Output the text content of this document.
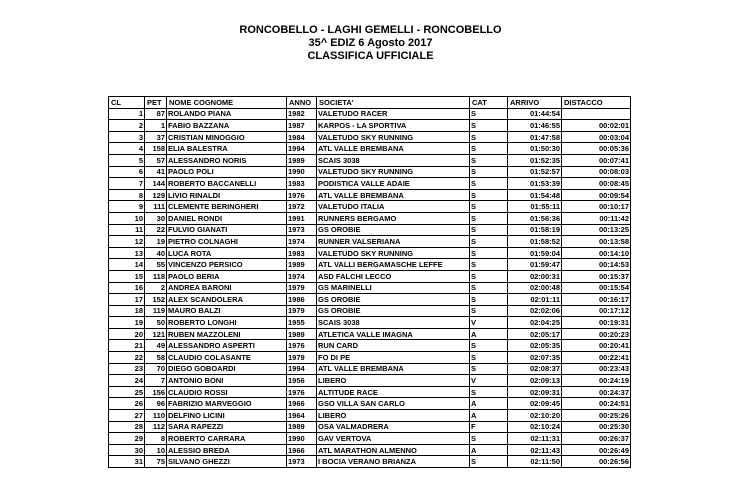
RONCOBELLO - LAGHI GEMELLI - RONCOBELLO
35^ EDIZ 6 Agosto 2017
CLASSIFICA UFFICIALE
CL	PET	NOME COGNOME	ANNO	SOCIETA'	CAT	ARRIVO	DISTACCO
1	87	ROLANDO PIANA	1982	VALETUDO RACER	S	01:44:54	
2	1	FABIO BAZZANA	1987	KARPOS - LA SPORTIVA	S	01:46:55	00:02:01
3	37	CRISTIAN MINOGGIO	1984	VALETUDO SKY RUNNING	S	01:47:58	00:03:04
4	158	ELIA BALESTRA	1994	ATL VALLE BREMBANA	S	01:50:30	00:05:36
5	57	ALESSANDRO NORIS	1989	SCAIS 3038	S	01:52:35	00:07:41
6	41	PAOLO POLI	1990	VALETUDO SKY RUNNING	S	01:52:57	00:08:03
7	144	ROBERTO BACCANELLI	1983	PODISTICA VALLE ADAIE	S	01:53:39	00:08:45
8	129	LIVIO RINALDI	1976	ATL VALLE BREMBANA	S	01:54:48	00:09:54
9	111	CLEMENTE BERINGHERI	1972	VALETUDO ITALIA	S	01:55:11	00:10:17
10	30	DANIEL RONDI	1991	RUNNERS BERGAMO	S	01:56:36	00:11:42
11	22	FULVIO GIANATI	1973	GS OROBIE	S	01:58:19	00:13:25
12	19	PIETRO COLNAGHI	1974	RUNNER VALSERIANA	S	01:58:52	00:13:58
13	40	LUCA ROTA	1983	VALETUDO SKY RUNNING	S	01:59:04	00:14:10
14	55	VINCENZO PERSICO	1989	ATL VALLI BERGAMASCHE LEFFE	S	01:59:47	00:14:53
15	118	PAOLO BERIA	1974	ASD FALCHI LECCO	S	02:00:31	00:15:37
16	2	ANDREA BARONI	1979	GS MARINELLI	S	02:00:48	00:15:54
17	152	ALEX SCANDOLERA	1986	GS OROBIE	S	02:01:11	00:16:17
18	119	MAURO BALZI	1979	GS OROBIE	S	02:02:06	00:17:12
19	50	ROBERTO LONGHI	1955	SCAIS 3038	V	02:04:25	00:19:31
20	121	RUBEN MAZZOLENI	1989	ATLETICA VALLE IMAGNA	A	02:05:17	00:20:23
21	49	ALESSANDRO ASPERTI	1976	RUN CARD	S	02:05:35	00:20:41
22	58	CLAUDIO COLASANTE	1979	FO DI PE	S	02:07:35	00:22:41
23	70	DIEGO GOBOARDI	1994	ATL VALLE BREMBANA	S	02:08:37	00:23:43
24	7	ANTONIO BONI	1956	LIBERO	V	02:09:13	00:24:19
25	156	CLAUDIO ROSSI	1976	ALTITUDE RACE	S	02:09:31	00:24:37
26	96	FABRIZIO MARVEGGIO	1966	GSO VILLA SAN CARLO	A	02:09:45	00:24:51
27	110	DELFINO LICINI	1964	LIBERO	A	02:10:20	00:25:26
28	112	SARA RAPEZZI	1989	OSA VALMADRERA	F	02:10:24	00:25:30
29	8	ROBERTO CARRARA	1990	GAV VERTOVA	S	02:11:31	00:26:37
30	10	ALESSIO BREDA	1966	ATL MARATHON ALMENNO	A	02:11:43	00:26:49
31	75	SILVANO GHEZZI	1973	I BOCIA VERANO BRIANZA	S	02:11:50	00:26:56
